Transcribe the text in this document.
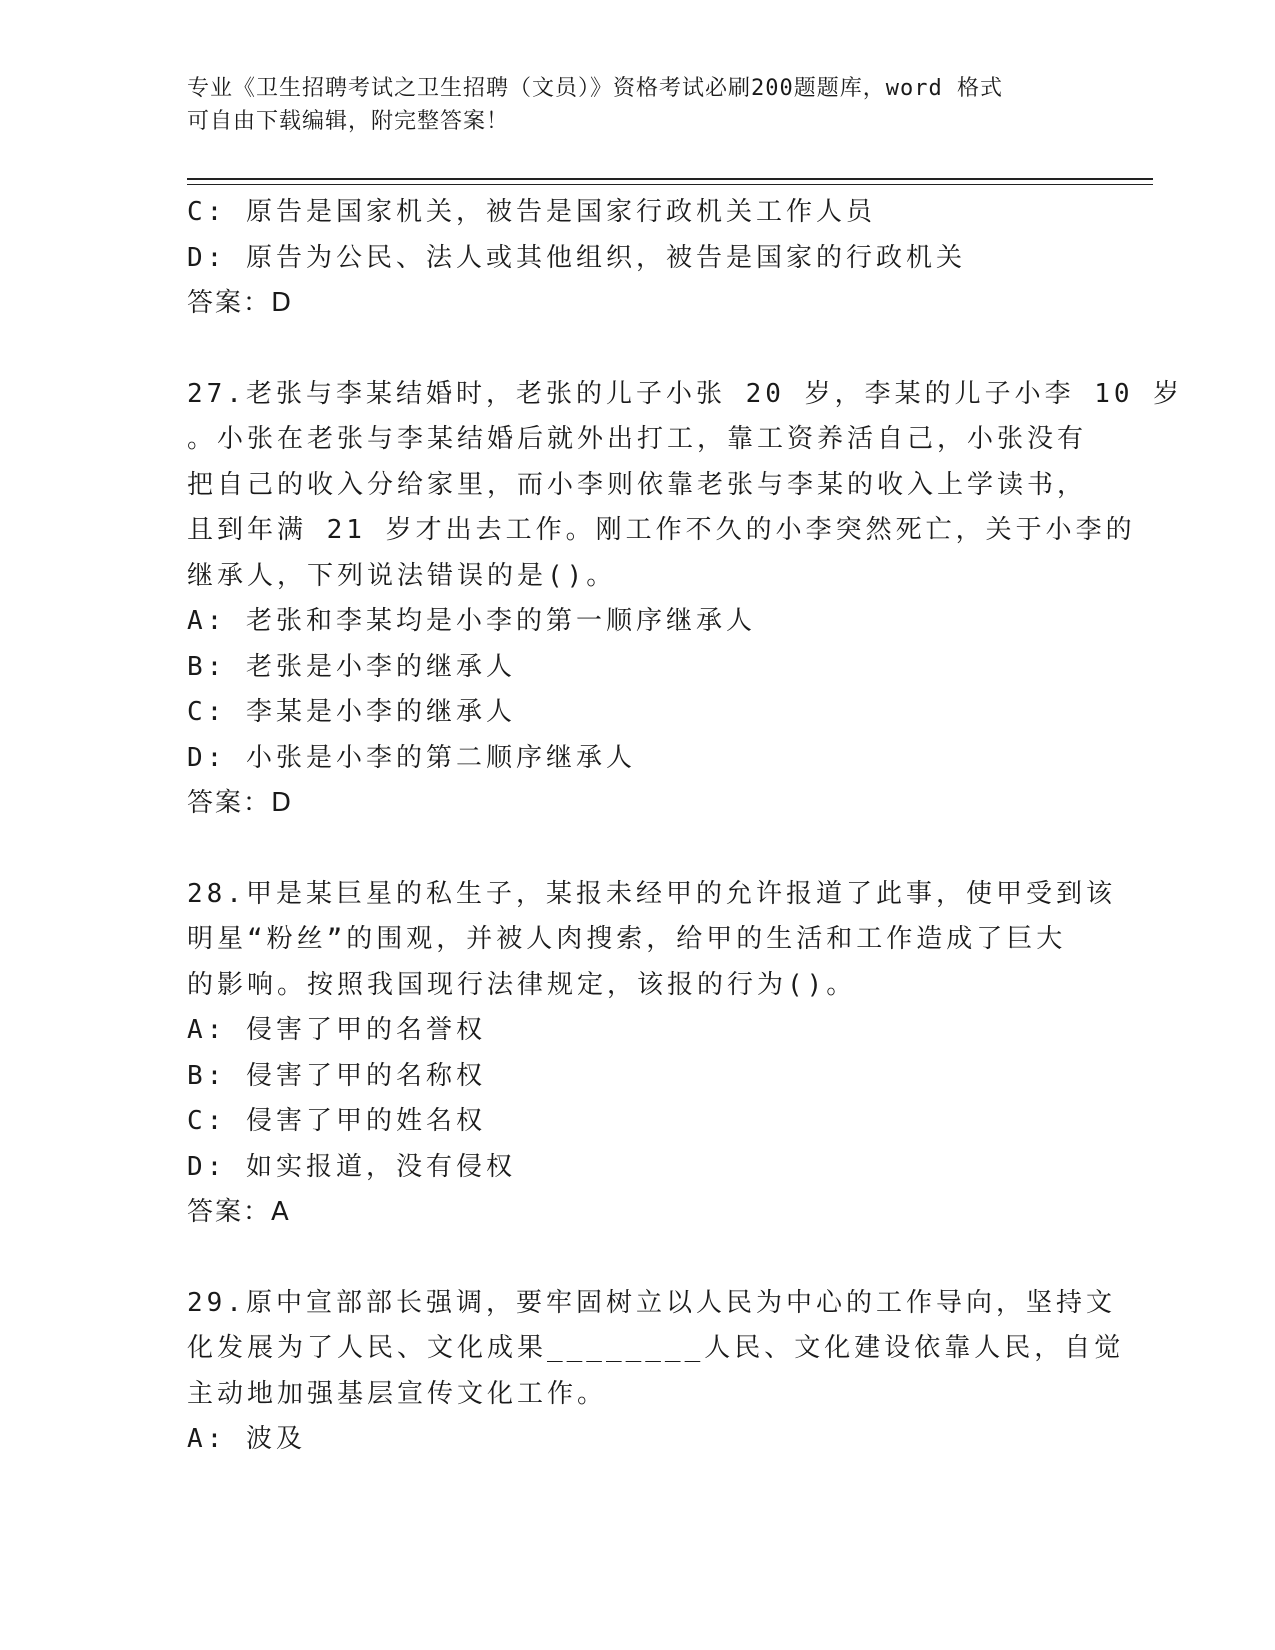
专业《卫生招聘考试之卫生招聘（文员）》资格考试必刷200题题库，word 格式
可自由下载编辑，附完整答案！
C: 原告是国家机关，被告是国家行政机关工作人员
D: 原告为公民、法人或其他组织，被告是国家的行政机关
答案：D
27.老张与李某结婚时，老张的儿子小张 20 岁，李某的儿子小李 10 岁
。小张在老张与李某结婚后就外出打工，靠工资养活自己，小张没有
把自己的收入分给家里，而小李则依靠老张与李某的收入上学读书，
且到年满 21 岁才出去工作。刚工作不久的小李突然死亡，关于小李的
继承人，下列说法错误的是()。
A: 老张和李某均是小李的第一顺序继承人
B: 老张是小李的继承人
C: 李某是小李的继承人
D: 小张是小李的第二顺序继承人
答案：D
28.甲是某巨星的私生子，某报未经甲的允许报道了此事，使甲受到该
明星“粉丝”的围观，并被人肉搜索，给甲的生活和工作造成了巨大
的影响。按照我国现行法律规定，该报的行为()。
A: 侵害了甲的名誉权
B: 侵害了甲的名称权
C: 侵害了甲的姓名权
D: 如实报道，没有侵权
答案：A
29.原中宣部部长强调，要牢固树立以人民为中心的工作导向，坚持文
化发展为了人民、文化成果________人民、文化建设依靠人民，自觉
主动地加强基层宣传文化工作。
A: 波及
